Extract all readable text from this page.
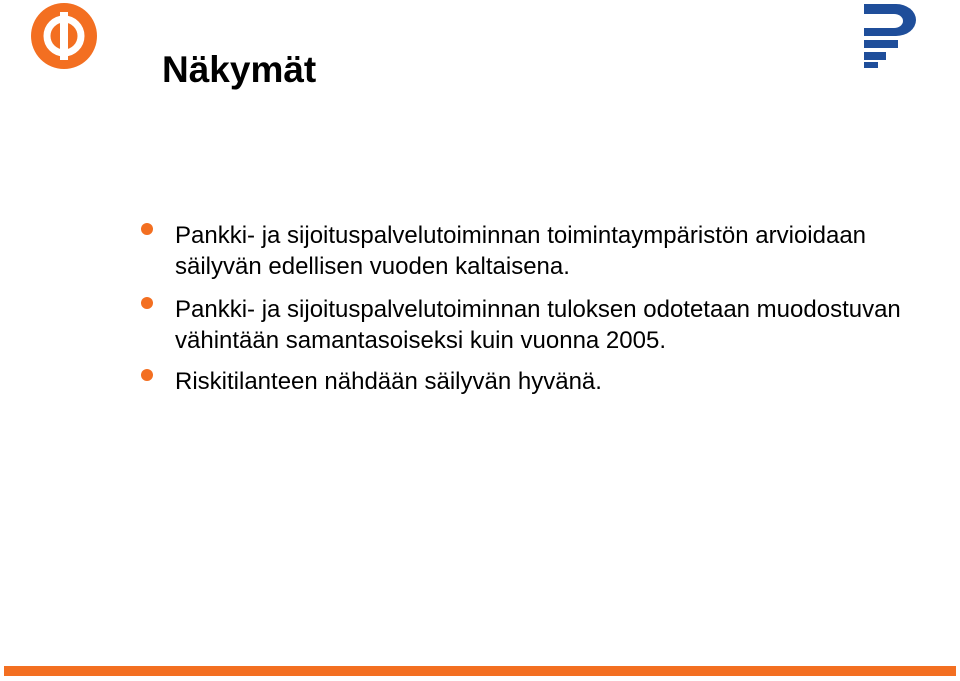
Näkymät
Pankki- ja sijoituspalvelutoiminnan toimintaympäristön arvioidaan säilyvän edellisen vuoden kaltaisena.
Pankki- ja sijoituspalvelutoiminnan tuloksen odotetaan muodostuvan vähintään samantasoiseksi kuin vuonna 2005.
Riskitilanteen nähdään säilyvän hyvänä.
